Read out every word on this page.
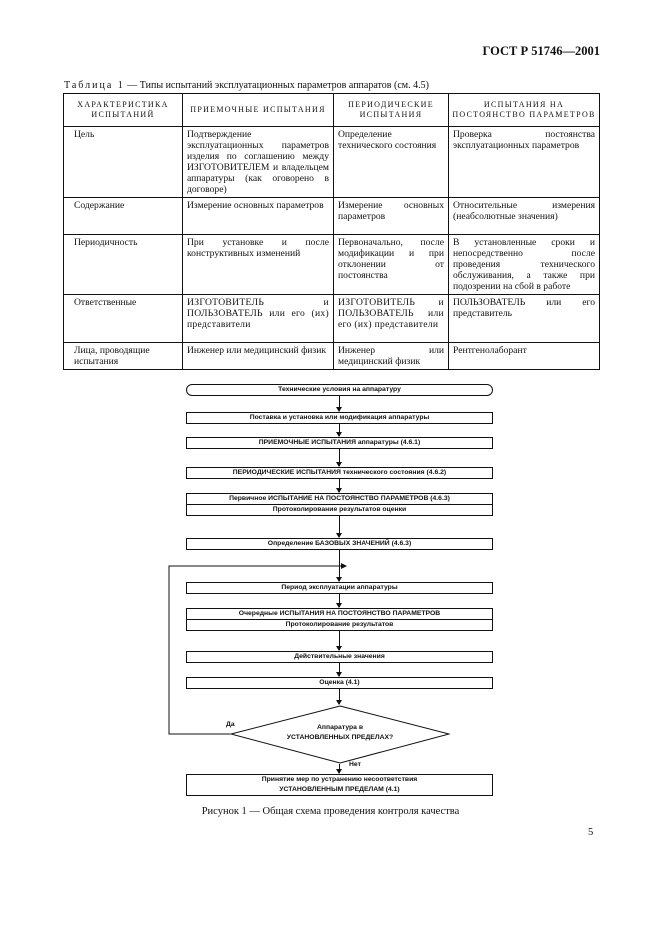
ГОСТ Р 51746—2001
Таблица 1 — Типы испытаний эксплуатационных параметров аппаратов (см. 4.5)
ХАРАКТЕРИСТИКА ИСПЫТАНИЙ	ПРИЕМОЧНЫЕ ИСПЫТАНИЯ	ПЕРИОДИЧЕСКИЕ ИСПЫТАНИЯ	ИСПЫТАНИЯ НА ПОСТОЯНСТВО ПАРАМЕТРОВ
Цель	Подтверждение эксплуатационных параметров изделия по соглашению между ИЗГОТОВИТЕЛЕМ и владельцем аппаратуры (как оговорено в договоре)	Определение технического состояния	Проверка постоянства эксплуатационных параметров
Содержание	Измерение основных параметров	Измерение основных параметров	Относительные измерения (неабсолютные значения)
Периодичность	При установке и после конструктивных изменений	Первоначально, после модификации и при отклонении от постоянства	В установленные сроки и непосредственно после проведения технического обслуживания, а также при подозрении на сбой в работе
Ответственные	ИЗГОТОВИТЕЛЬ и ПОЛЬЗОВАТЕЛЬ или его (их) представители	ИЗГОТОВИТЕЛЬ и ПОЛЬЗОВАТЕЛЬ или его (их) представители	ПОЛЬЗОВАТЕЛЬ или его представитель
Лица, проводящие испытания	Инженер или медицинский физик	Инженер или медицинский физик	Рентгенолаборант
Технические условия на аппаратуру
Поставка и установка или модификация аппаратуры
ПРИЕМОЧНЫЕ ИСПЫТАНИЯ аппаратуры (4.6.1)
ПЕРИОДИЧЕСКИЕ ИСПЫТАНИЯ технического состояния (4.6.2)
Первичное ИСПЫТАНИЕ НА ПОСТОЯНСТВО ПАРАМЕТРОВ (4.6.3)
Протоколирование результатов оценки
Определение БАЗОВЫХ ЗНАЧЕНИЙ (4.6.3)
Период эксплуатации аппаратуры
Очередные ИСПЫТАНИЯ НА ПОСТОЯНСТВО ПАРАМЕТРОВ
Протоколирование результатов
Действительные значения
Оценка (4.1)
Аппаратура в
УСТАНОВЛЕННЫХ ПРЕДЕЛАХ?
Да
Нет
Принятие мер по устранению несоответствия
УСТАНОВЛЕННЫМ ПРЕДЕЛАМ (4.1)
Рисунок 1 — Общая схема проведения контроля качества
5
